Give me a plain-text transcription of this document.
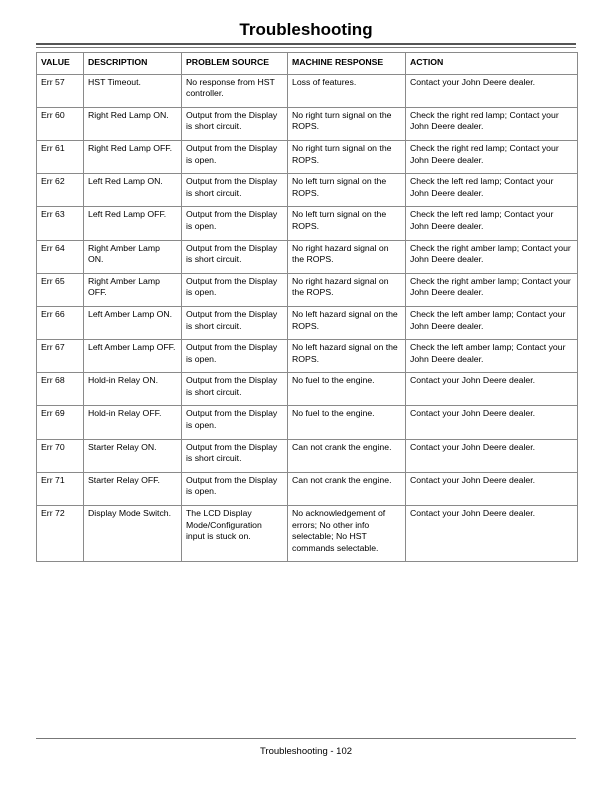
Troubleshooting
VALUE	DESCRIPTION	PROBLEM SOURCE	MACHINE RESPONSE	ACTION
Err 57	HST Timeout.	No response from HST controller.	Loss of features.	Contact your John Deere dealer.
Err 60	Right Red Lamp ON.	Output from the Display is short circuit.	No right turn signal on the ROPS.	Check the right red lamp; Contact your John Deere dealer.
Err 61	Right Red Lamp OFF.	Output from the Display is open.	No right turn signal on the ROPS.	Check the right red lamp; Contact your John Deere dealer.
Err 62	Left Red Lamp ON.	Output from the Display is short circuit.	No left turn signal on the ROPS.	Check the left red lamp; Contact your John Deere dealer.
Err 63	Left Red Lamp OFF.	Output from the Display is open.	No left turn signal on the ROPS.	Check the left red lamp; Contact your John Deere dealer.
Err 64	Right Amber Lamp ON.	Output from the Display is short circuit.	No right hazard signal on the ROPS.	Check the right amber lamp; Contact your John Deere dealer.
Err 65	Right Amber Lamp OFF.	Output from the Display is open.	No right hazard signal on the ROPS.	Check the right amber lamp; Contact your John Deere dealer.
Err 66	Left Amber Lamp ON.	Output from the Display is short circuit.	No left hazard signal on the ROPS.	Check the left amber lamp; Contact your John Deere dealer.
Err 67	Left Amber Lamp OFF.	Output from the Display is open.	No left hazard signal on the ROPS.	Check the left amber lamp; Contact your John Deere dealer.
Err 68	Hold-in Relay ON.	Output from the Display is short circuit.	No fuel to the engine.	Contact your John Deere dealer.
Err 69	Hold-in Relay OFF.	Output from the Display is open.	No fuel to the engine.	Contact your John Deere dealer.
Err 70	Starter Relay ON.	Output from the Display is short circuit.	Can not crank the engine.	Contact your John Deere dealer.
Err 71	Starter Relay OFF.	Output from the Display is open.	Can not crank the engine.	Contact your John Deere dealer.
Err 72	Display Mode Switch.	The LCD Display Mode/Configuration input is stuck on.	No acknowledgement of errors; No other info selectable; No HST commands selectable.	Contact your John Deere dealer.
Troubleshooting - 102
